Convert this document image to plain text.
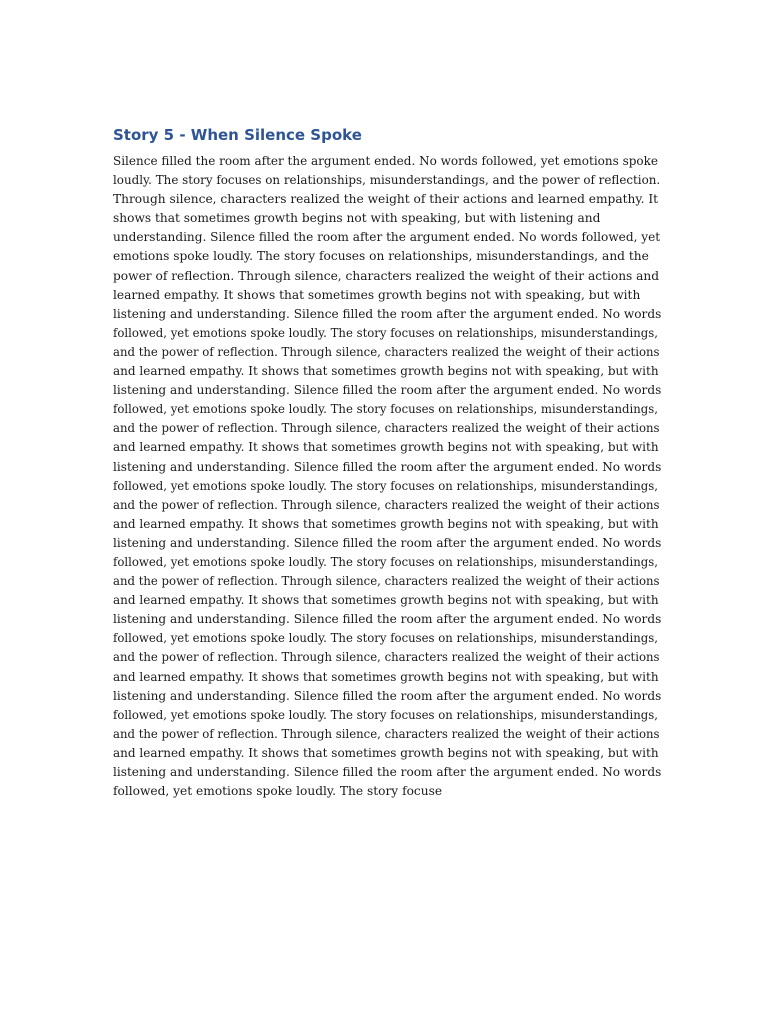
Story 5 - When Silence Spoke
Silence filled the room after the argument ended. No words followed, yet emotions spoke
loudly. The story focuses on relationships, misunderstandings, and the power of reflection.
Through silence, characters realized the weight of their actions and learned empathy. It
shows that sometimes growth begins not with speaking, but with listening and
understanding. Silence filled the room after the argument ended. No words followed, yet
emotions spoke loudly. The story focuses on relationships, misunderstandings, and the
power of reflection. Through silence, characters realized the weight of their actions and
learned empathy. It shows that sometimes growth begins not with speaking, but with
listening and understanding. Silence filled the room after the argument ended. No words
followed, yet emotions spoke loudly. The story focuses on relationships, misunderstandings,
and the power of reflection. Through silence, characters realized the weight of their actions
and learned empathy. It shows that sometimes growth begins not with speaking, but with
listening and understanding. Silence filled the room after the argument ended. No words
followed, yet emotions spoke loudly. The story focuses on relationships, misunderstandings,
and the power of reflection. Through silence, characters realized the weight of their actions
and learned empathy. It shows that sometimes growth begins not with speaking, but with
listening and understanding. Silence filled the room after the argument ended. No words
followed, yet emotions spoke loudly. The story focuses on relationships, misunderstandings,
and the power of reflection. Through silence, characters realized the weight of their actions
and learned empathy. It shows that sometimes growth begins not with speaking, but with
listening and understanding. Silence filled the room after the argument ended. No words
followed, yet emotions spoke loudly. The story focuses on relationships, misunderstandings,
and the power of reflection. Through silence, characters realized the weight of their actions
and learned empathy. It shows that sometimes growth begins not with speaking, but with
listening and understanding. Silence filled the room after the argument ended. No words
followed, yet emotions spoke loudly. The story focuses on relationships, misunderstandings,
and the power of reflection. Through silence, characters realized the weight of their actions
and learned empathy. It shows that sometimes growth begins not with speaking, but with
listening and understanding. Silence filled the room after the argument ended. No words
followed, yet emotions spoke loudly. The story focuses on relationships, misunderstandings,
and the power of reflection. Through silence, characters realized the weight of their actions
and learned empathy. It shows that sometimes growth begins not with speaking, but with
listening and understanding. Silence filled the room after the argument ended. No words
followed, yet emotions spoke loudly. The story focuse
